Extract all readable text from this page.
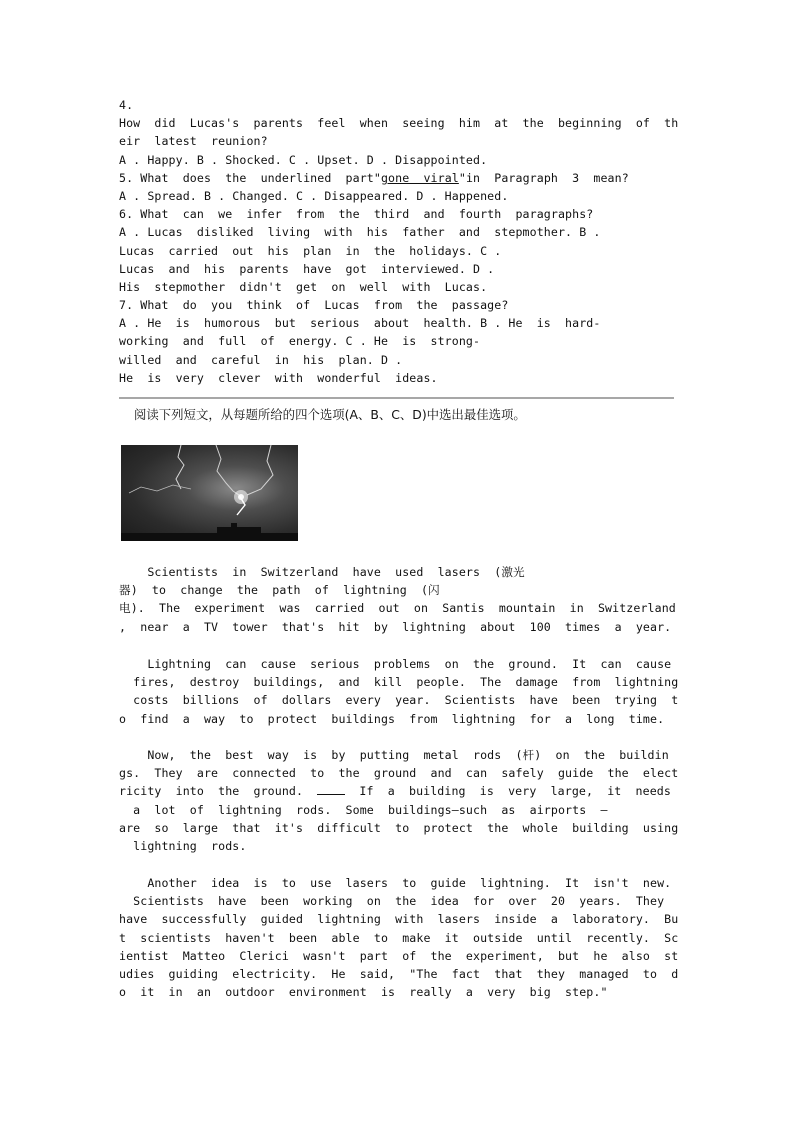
4.
How  did  Lucas's  parents  feel  when  seeing  him  at  the  beginning  of  th
eir  latest  reunion?
A . Happy. B . Shocked. C . Upset. D . Disappointed.
5. What  does  the  underlined  part"gone  viral"in  Paragraph  3  mean?
A . Spread. B . Changed. C . Disappeared. D . Happened.
6. What  can  we  infer  from  the  third  and  fourth  paragraphs?
A . Lucas  disliked  living  with  his  father  and  stepmother. B .
Lucas  carried  out  his  plan  in  the  holidays. C .
Lucas  and  his  parents  have  got  interviewed. D .
His  stepmother  didn't  get  on  well  with  Lucas.
7. What  do  you  think  of  Lucas  from  the  passage?
A . He  is  humorous  but  serious  about  health. B . He  is  hard-
working  and  full  of  energy. C . He  is  strong-
willed  and  careful  in  his  plan. D .
He  is  very  clever  with  wonderful  ideas.
阅读下列短文，从每题所给的四个选项(A、B、C、D)中选出最佳选项。
Scientists  in  Switzerland  have  used  lasers  (激光
器)  to  change  the  path  of  lightning  (闪
电).  The  experiment  was  carried  out  on  Santis  mountain  in  Switzerland
,  near  a  TV  tower  that's  hit  by  lightning  about  100  times  a  year.
Lightning  can  cause  serious  problems  on  the  ground.  It  can  cause
fires,  destroy  buildings,  and  kill  people.  The  damage  from  lightning
costs  billions  of  dollars  every  year.  Scientists  have  been  trying  t
o  find  a  way  to  protect  buildings  from  lightning  for  a  long  time.
Now,  the  best  way  is  by  putting  metal  rods  (杆)  on  the  buildin
gs.  They  are  connected  to  the  ground  and  can  safely  guide  the  elect
ricity  into  the  ground.	If  a  building  is  very  large,  it  needs
a  lot  of  lightning  rods.  Some  buildings—such  as  airports  —
are  so  large  that  it's  difficult  to  protect  the  whole  building  using
lightning  rods.
Another  idea  is  to  use  lasers  to  guide  lightning.  It  isn't  new.
Scientists  have  been  working  on  the  idea  for  over  20  years.  They
have  successfully  guided  lightning  with  lasers  inside  a  laboratory.  Bu
t  scientists  haven't  been  able  to  make  it  outside  until  recently.  Sc
ientist  Matteo  Clerici  wasn't  part  of  the  experiment,  but  he  also  st
udies  guiding  electricity.  He  said,  "The  fact  that  they  managed  to  d
o  it  in  an  outdoor  environment  is  really  a  very  big  step."
